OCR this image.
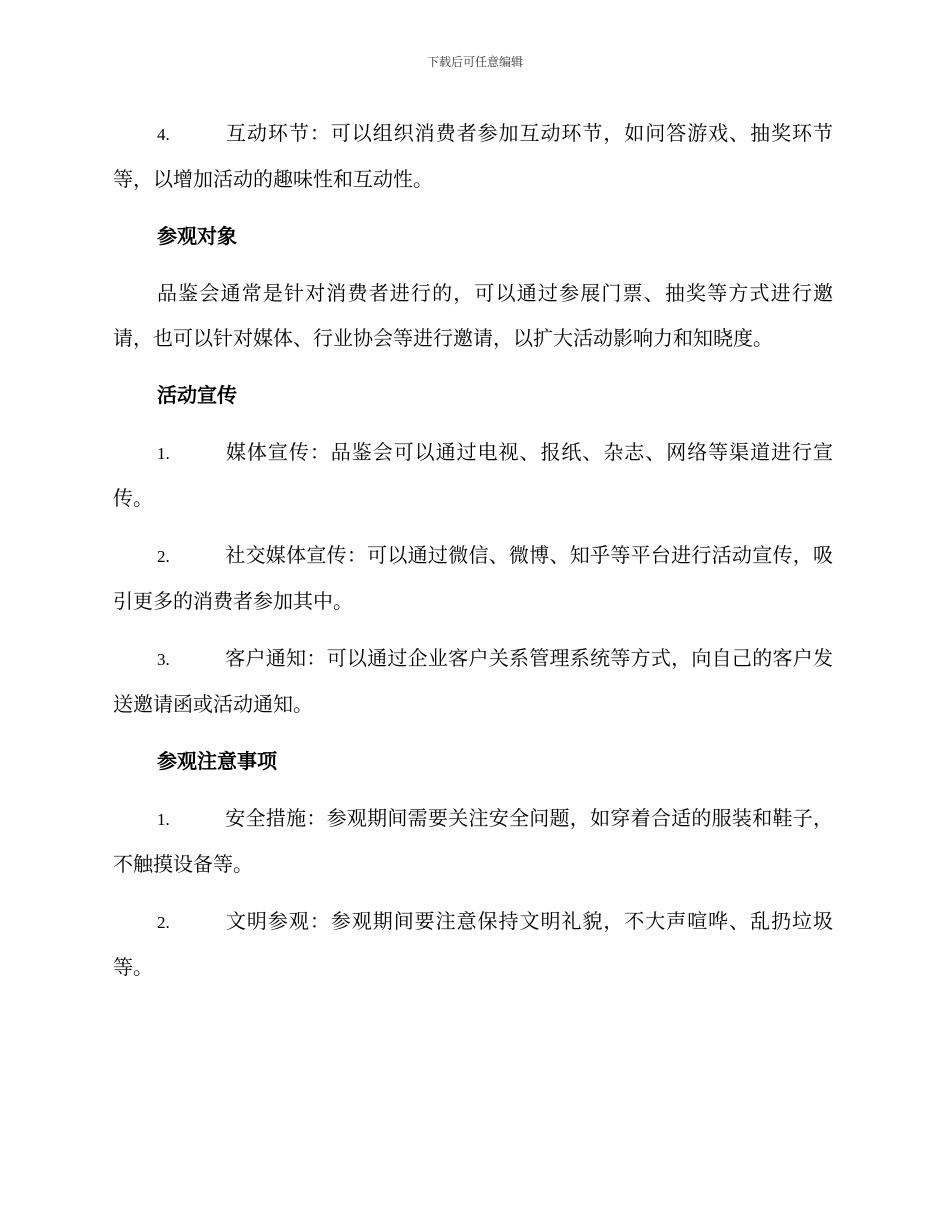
下载后可任意编辑

4.	互动环节：可以组织消费者参加互动环节，如问答游戏、抽奖环节等，以增加活动的趣味性和互动性。

参观对象

品鉴会通常是针对消费者进行的，可以通过参展门票、抽奖等方式进行邀请，也可以针对媒体、行业协会等进行邀请，以扩大活动影响力和知晓度。

活动宣传

1.	媒体宣传：品鉴会可以通过电视、报纸、杂志、网络等渠道进行宣传。

2.	社交媒体宣传：可以通过微信、微博、知乎等平台进行活动宣传，吸引更多的消费者参加其中。

3.	客户通知：可以通过企业客户关系管理系统等方式，向自己的客户发送邀请函或活动通知。

参观注意事项

1.	安全措施：参观期间需要关注安全问题，如穿着合适的服装和鞋子，不触摸设备等。

2.	文明参观：参观期间要注意保持文明礼貌，不大声喧哗、乱扔垃圾等。
